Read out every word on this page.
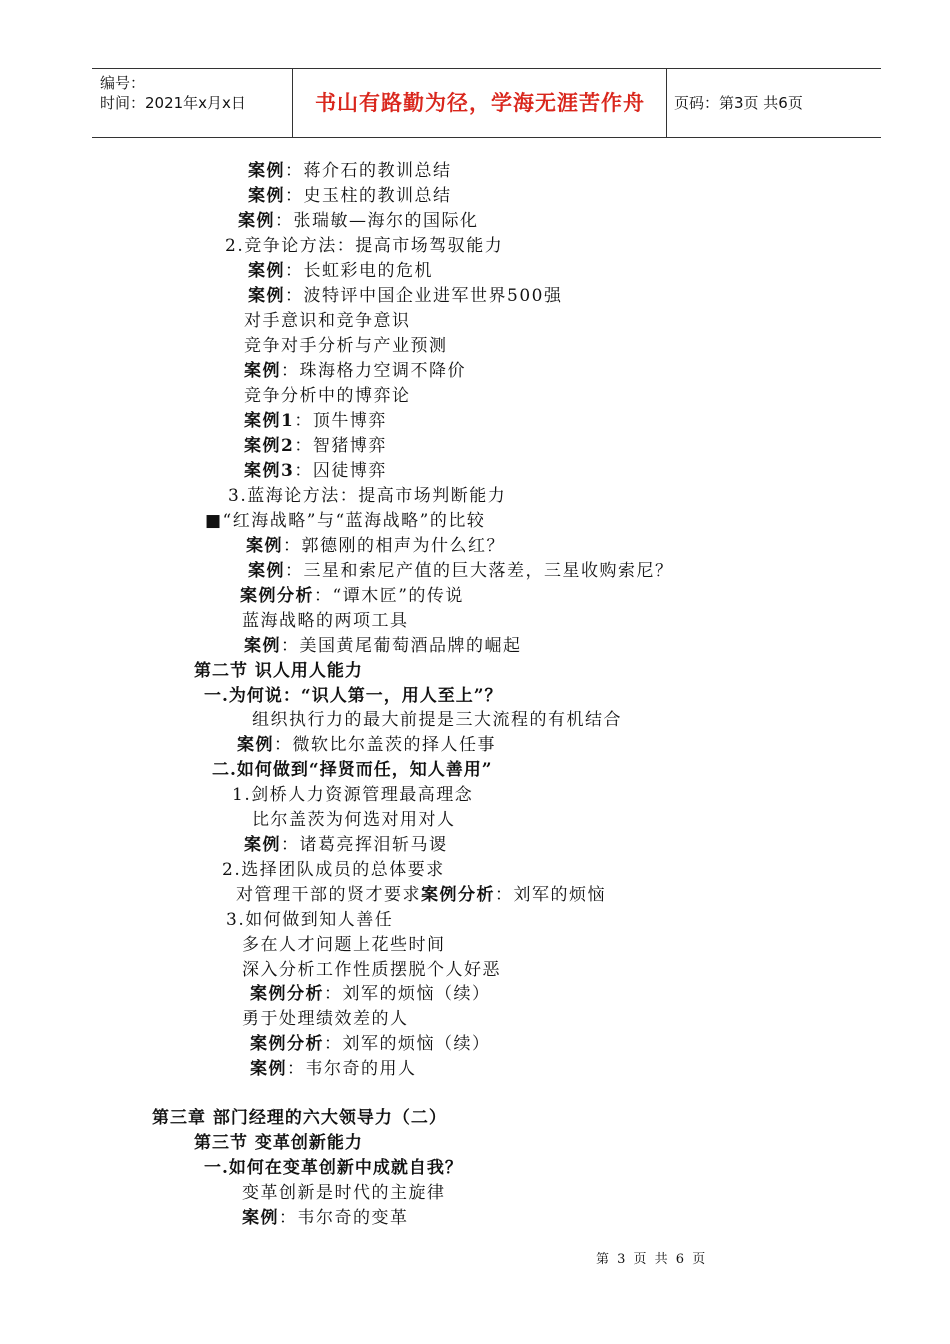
编号：
时间：2021年x月x日	书山有路勤为径，学海无涯苦作舟	页码：第3页 共6页
案例：蒋介石的教训总结
案例：史玉柱的教训总结
案例：张瑞敏—海尔的国际化
2.竞争论方法：提高市场驾驭能力
案例：长虹彩电的危机
案例：波特评中国企业进军世界500强
对手意识和竞争意识
竞争对手分析与产业预测
案例：珠海格力空调不降价
竞争分析中的博弈论
案例1：顶牛博弈
案例2：智猪博弈
案例3：囚徒博弈
3.蓝海论方法：提高市场判断能力
■“红海战略”与“蓝海战略”的比较
案例：郭德刚的相声为什么红？
案例：三星和索尼产值的巨大落差，三星收购索尼？
案例分析：“谭木匠”的传说
蓝海战略的两项工具
案例：美国黄尾葡萄酒品牌的崛起
第二节 识人用人能力
一.为何说：“识人第一，用人至上”？
组织执行力的最大前提是三大流程的有机结合
案例：微软比尔盖茨的择人任事
二.如何做到“择贤而任，知人善用”
1.剑桥人力资源管理最高理念
比尔盖茨为何选对用对人
案例：诸葛亮挥泪斩马谡
2.选择团队成员的总体要求
对管理干部的贤才要求案例分析：刘军的烦恼
3.如何做到知人善任
多在人才问题上花些时间
深入分析工作性质摆脱个人好恶
案例分析：刘军的烦恼（续）
勇于处理绩效差的人
案例分析：刘军的烦恼（续）
案例：韦尔奇的用人
第三章 部门经理的六大领导力（二）
第三节 变革创新能力
一.如何在变革创新中成就自我？
变革创新是时代的主旋律
案例：韦尔奇的变革
第 3 页 共 6 页
